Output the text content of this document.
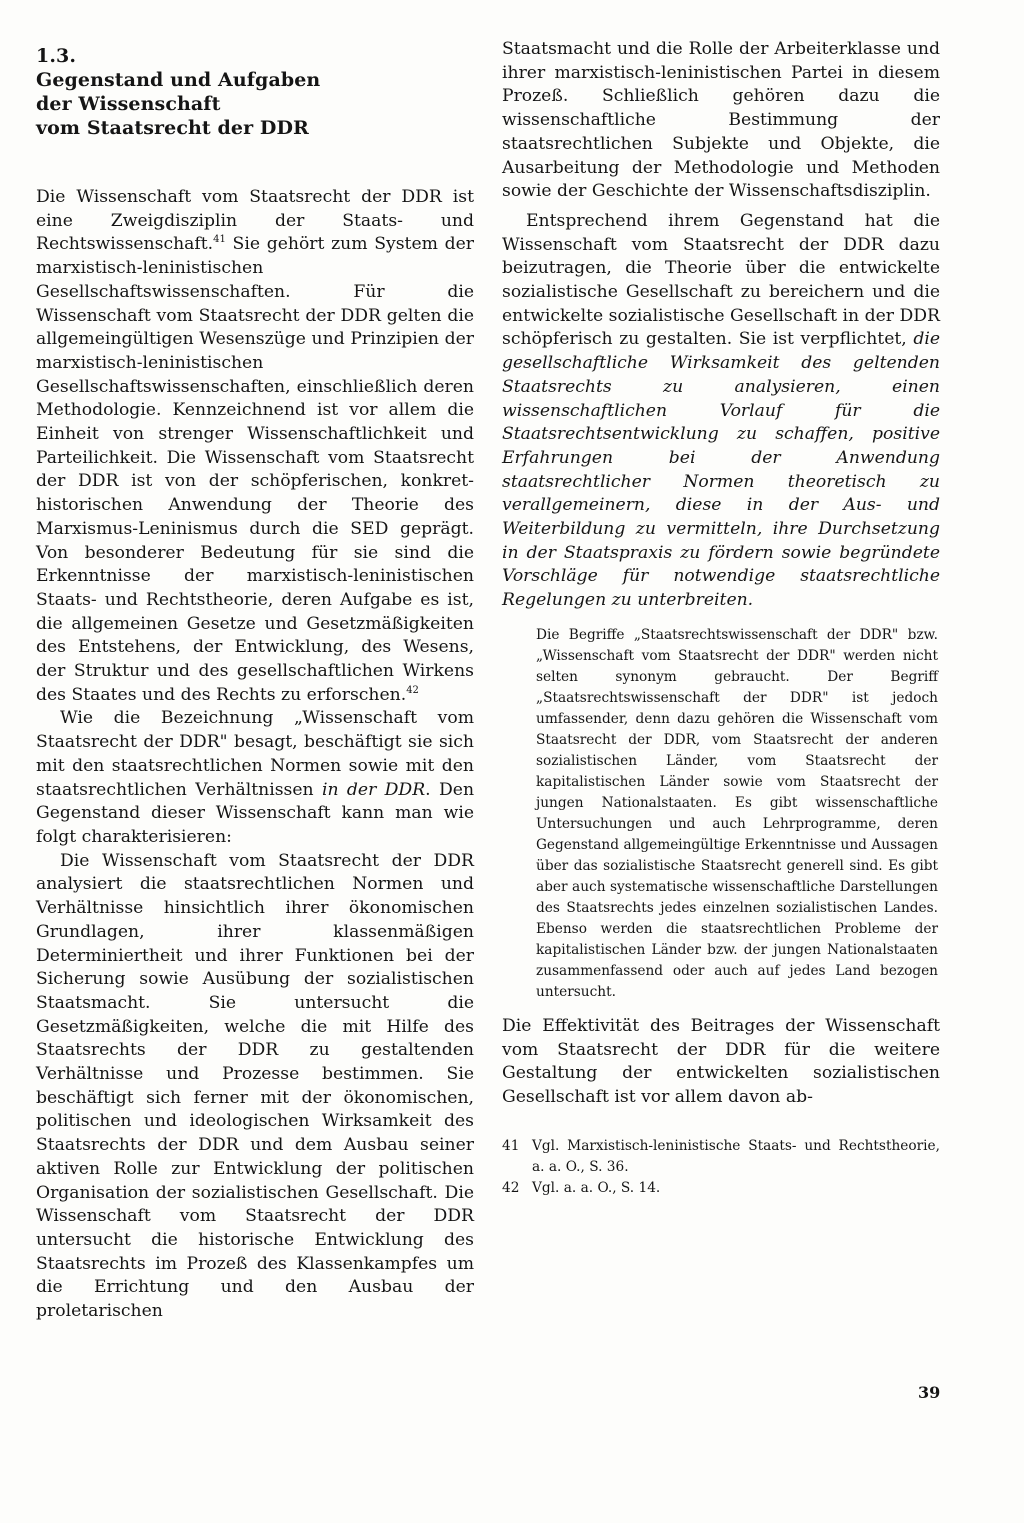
1.3.
Gegenstand und Aufgaben
der Wissenschaft
vom Staatsrecht der DDR

Die Wissenschaft vom Staatsrecht der DDR ist eine Zweigdisziplin der Staats- und Rechtswissenschaft.$^{41}$ Sie gehört zum System der marxistisch-leninistischen Gesellschaftswissenschaften. Für die Wissenschaft vom Staatsrecht der DDR gelten die allgemeingültigen Wesenszüge und Prinzipien der marxistisch-leninistischen Gesellschaftswissenschaften, einschließlich deren Methodologie. Kennzeichnend ist vor allem die Einheit von strenger Wissenschaftlichkeit und Parteilichkeit. Die Wissenschaft vom Staatsrecht der DDR ist von der schöpferischen, konkret-historischen Anwendung der Theorie des Marxismus-Leninismus durch die SED geprägt. Von besonderer Bedeutung für sie sind die Erkenntnisse der marxistisch-leninistischen Staats- und Rechtstheorie, deren Aufgabe es ist, die allgemeinen Gesetze und Gesetzmäßigkeiten des Entstehens, der Entwicklung, des Wesens, der Struktur und des gesellschaftlichen Wirkens des Staates und des Rechts zu erforschen.$^{42}$

Wie die Bezeichnung „Wissenschaft vom Staatsrecht der DDR" besagt, beschäftigt sie sich mit den staatsrechtlichen Normen sowie mit den staatsrechtlichen Verhältnissen in der DDR. Den Gegenstand dieser Wissenschaft kann man wie folgt charakterisieren:

Die Wissenschaft vom Staatsrecht der DDR analysiert die staatsrechtlichen Normen und Verhältnisse hinsichtlich ihrer ökonomischen Grundlagen, ihrer klassenmäßigen Determiniertheit und ihrer Funktionen bei der Sicherung sowie Ausübung der sozialistischen Staatsmacht. Sie untersucht die Gesetzmäßigkeiten, welche die mit Hilfe des Staatsrechts der DDR zu gestaltenden Verhältnisse und Prozesse bestimmen. Sie beschäftigt sich ferner mit der ökonomischen, politischen und ideologischen Wirksamkeit des Staatsrechts der DDR und dem Ausbau seiner aktiven Rolle zur Entwicklung der politischen Organisation der sozialistischen Gesellschaft. Die Wissenschaft vom Staatsrecht der DDR untersucht die historische Entwicklung des Staatsrechts im Prozeß des Klassenkampfes um die Errichtung und den Ausbau der proletarischen

Staatsmacht und die Rolle der Arbeiterklasse und ihrer marxistisch-leninistischen Partei in diesem Prozeß. Schließlich gehören dazu die wissenschaftliche Bestimmung der staatsrechtlichen Subjekte und Objekte, die Ausarbeitung der Methodologie und Methoden sowie der Geschichte der Wissenschaftsdisziplin.

Entsprechend ihrem Gegenstand hat die Wissenschaft vom Staatsrecht der DDR dazu beizutragen, die Theorie über die entwickelte sozialistische Gesellschaft zu bereichern und die entwickelte sozialistische Gesellschaft in der DDR schöpferisch zu gestalten. Sie ist verpflichtet, die gesellschaftliche Wirksamkeit des geltenden Staatsrechts zu analysieren, einen wissenschaftlichen Vorlauf für die Staatsrechtsentwicklung zu schaffen, positive Erfahrungen bei der Anwendung staatsrechtlicher Normen theoretisch zu verallgemeinern, diese in der Aus- und Weiterbildung zu vermitteln, ihre Durchsetzung in der Staatspraxis zu fördern sowie begründete Vorschläge für notwendige staatsrechtliche Regelungen zu unterbreiten.

Die Begriffe „Staatsrechtswissenschaft der DDR" bzw. „Wissenschaft vom Staatsrecht der DDR" werden nicht selten synonym gebraucht. Der Begriff „Staatsrechtswissenschaft der DDR" ist jedoch umfassender, denn dazu gehören die Wissenschaft vom Staatsrecht der DDR, vom Staatsrecht der anderen sozialistischen Länder, vom Staatsrecht der kapitalistischen Länder sowie vom Staatsrecht der jungen Nationalstaaten. Es gibt wissenschaftliche Untersuchungen und auch Lehrprogramme, deren Gegenstand allgemeingültige Erkenntnisse und Aussagen über das sozialistische Staatsrecht generell sind. Es gibt aber auch systematische wissenschaftliche Darstellungen des Staatsrechts jedes einzelnen sozialistischen Landes. Ebenso werden die staatsrechtlichen Probleme der kapitalistischen Länder bzw. der jungen Nationalstaaten zusammenfassend oder auch auf jedes Land bezogen untersucht.

Die Effektivität des Beitrages der Wissenschaft vom Staatsrecht der DDR für die weitere Gestaltung der entwickelten sozialistischen Gesellschaft ist vor allem davon ab-

41 Vgl. Marxistisch-leninistische Staats- und Rechtstheorie, a. a. O., S. 36.
42 Vgl. a. a. O., S. 14.
39
